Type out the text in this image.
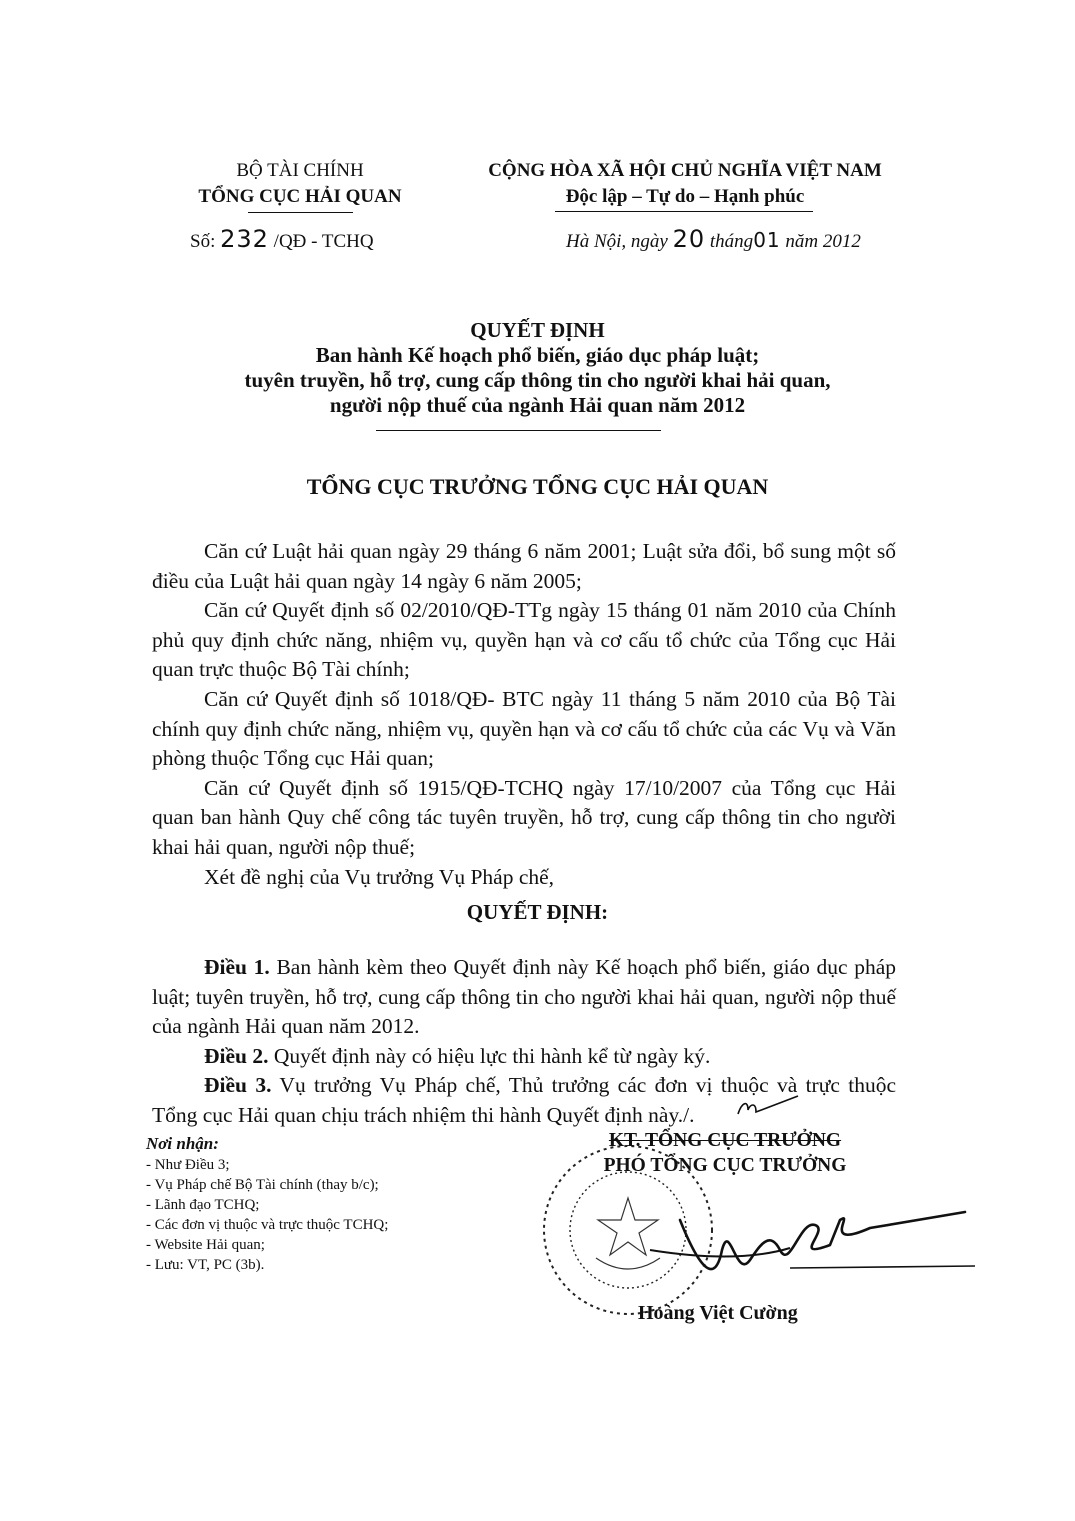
BỘ TÀI CHÍNH
TỔNG CỤC HẢI QUAN
Số: 232 /QĐ - TCHQ
CỘNG HÒA XÃ HỘI CHỦ NGHĨA VIỆT NAM
Độc lập – Tự do – Hạnh phúc
Hà Nội, ngày 20 tháng01 năm 2012
QUYẾT ĐỊNH
Ban hành Kế hoạch phổ biến, giáo dục pháp luật;
tuyên truyền, hỗ trợ, cung cấp thông tin cho người khai hải quan,
người nộp thuế của ngành Hải quan năm 2012
TỔNG CỤC TRƯỞNG TỔNG CỤC HẢI QUAN

Căn cứ Luật hải quan ngày 29 tháng 6 năm 2001; Luật sửa đổi, bổ sung một số điều của Luật hải quan ngày 14 ngày 6 năm 2005;

Căn cứ Quyết định số 02/2010/QĐ-TTg ngày 15 tháng 01 năm 2010 của Chính phủ quy định chức năng, nhiệm vụ, quyền hạn và cơ cấu tổ chức của Tổng cục Hải quan trực thuộc Bộ Tài chính;

Căn cứ Quyết định số 1018/QĐ- BTC ngày 11 tháng 5 năm 2010 của Bộ Tài chính quy định chức năng, nhiệm vụ, quyền hạn và cơ cấu tổ chức của các Vụ và Văn phòng thuộc Tổng cục Hải quan;

Căn cứ Quyết định số 1915/QĐ-TCHQ ngày 17/10/2007 của Tổng cục Hải quan ban hành Quy chế công tác tuyên truyền, hỗ trợ, cung cấp thông tin cho người khai hải quan, người nộp thuế;

Xét đề nghị của Vụ trưởng Vụ Pháp chế,

QUYẾT ĐỊNH:

Điều 1. Ban hành kèm theo Quyết định này Kế hoạch phổ biến, giáo dục pháp luật; tuyên truyền, hỗ trợ, cung cấp thông tin cho người khai hải quan, người nộp thuế của ngành Hải quan năm 2012.

Điều 2. Quyết định này có hiệu lực thi hành kể từ ngày ký.

Điều 3. Vụ trưởng Vụ Pháp chế, Thủ trưởng các đơn vị thuộc và trực thuộc Tổng cục Hải quan chịu trách nhiệm thi hành Quyết định này./.

Nơi nhận:
- Như Điều 3;
- Vụ Pháp chế Bộ Tài chính (thay b/c);
- Lãnh đạo TCHQ;
- Các đơn vị thuộc và trực thuộc TCHQ;
- Website Hải quan;
- Lưu: VT, PC (3b).
KT. TỔNG CỤC TRƯỞNG
PHÓ TỔNG CỤC TRƯỞNG
Hoàng Việt Cường
